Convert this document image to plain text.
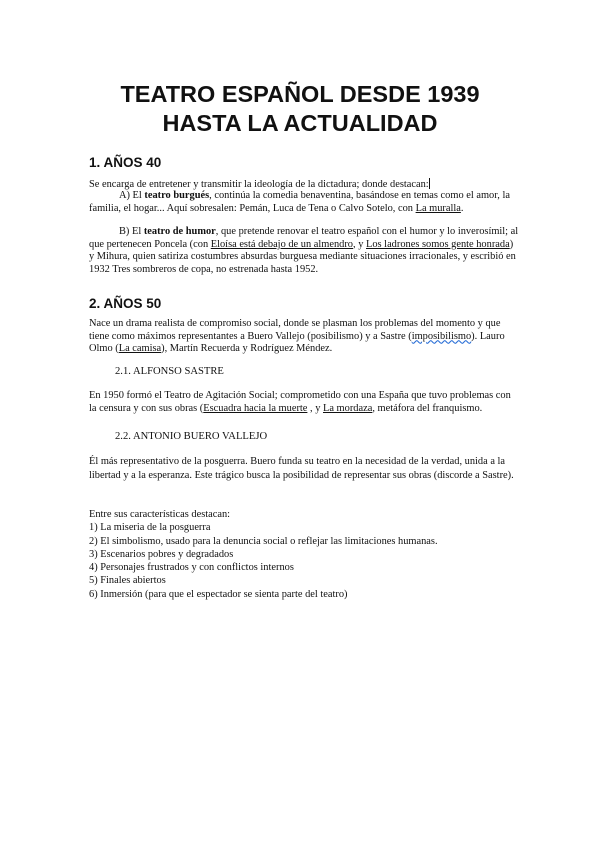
TEATRO ESPAÑOL DESDE 1939
HASTA LA ACTUALIDAD
1. AÑOS 40
Se encarga de entretener y transmitir la ideología de la dictadura; donde destacan:
A) El teatro burgués, continúa la comedia benaventina, basándose en temas como el amor, la familia, el hogar... Aquí sobresalen: Pemán, Luca de Tena o Calvo Sotelo, con La muralla.
B) El teatro de humor, que pretende renovar el teatro español con el humor y lo inverosímil; al que pertenecen Poncela (con Eloísa está debajo de un almendro, y Los ladrones somos gente honrada) y Mihura, quien satiriza costumbres absurdas burguesa mediante situaciones irracionales, y escribió en 1932 Tres sombreros de copa, no estrenada hasta 1952.
2. AÑOS 50
Nace un drama realista de compromiso social, donde se plasman los problemas del momento y que tiene como máximos representantes a Buero Vallejo (posibilismo) y a Sastre (imposibilismo). Lauro Olmo (La camisa), Martín Recuerda y Rodríguez Méndez.
2.1. ALFONSO SASTRE
En 1950 formó el Teatro de Agitación Social; comprometido con una España que tuvo problemas con la censura y con sus obras (Escuadra hacia la muerte , y La mordaza, metáfora del franquismo.
2.2. ANTONIO BUERO VALLEJO
Él más representativo de la posguerra. Buero funda su teatro en la necesidad de la verdad, unida a la libertad y a la esperanza. Este trágico busca la posibilidad de representar sus obras (discorde a Sastre).
Entre sus características destacan:
1) La miseria de la posguerra
2) El simbolismo, usado para la denuncia social o reflejar las limitaciones humanas.
3) Escenarios pobres y degradados
4) Personajes frustrados y con conflictos internos
5) Finales abiertos
6) Inmersión (para que el espectador se sienta parte del teatro)
